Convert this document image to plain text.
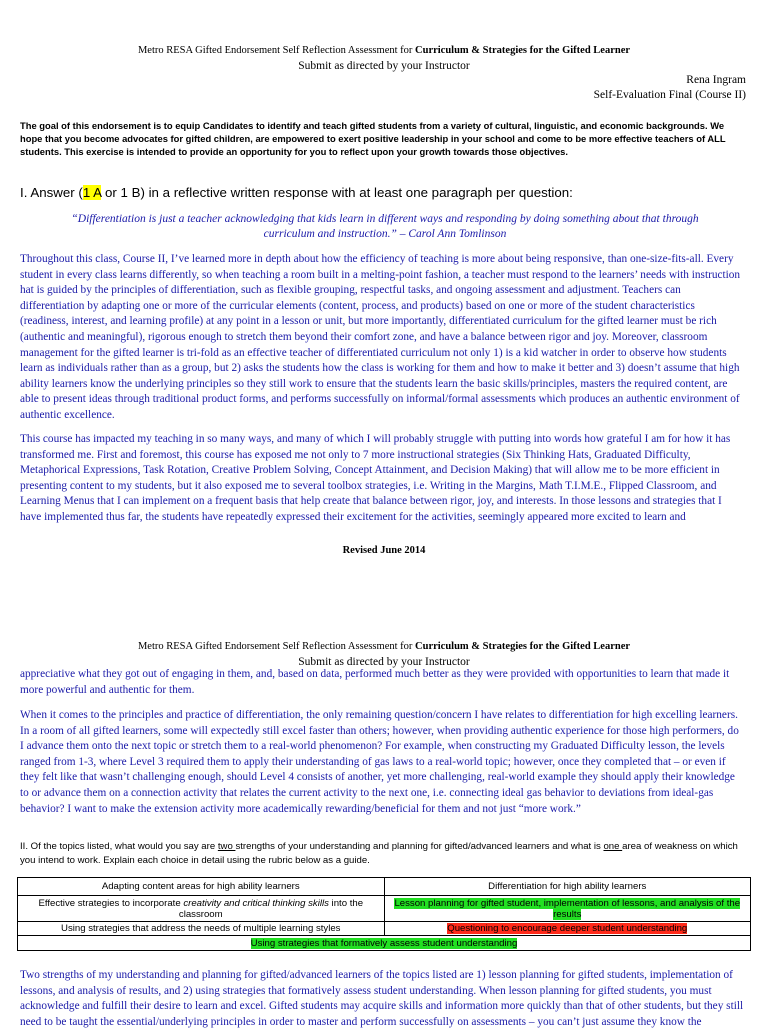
Metro RESA Gifted Endorsement Self Reflection Assessment for Curriculum & Strategies for the Gifted Learner
Submit as directed by your Instructor
Rena Ingram
Self-Evaluation Final (Course II)
The goal of this endorsement is to equip Candidates to identify and teach gifted students from a variety of cultural, linguistic, and economic backgrounds. We hope that you become advocates for gifted children, are empowered to exert positive leadership in your school and come to be more effective teachers of ALL students. This exercise is intended to provide an opportunity for you to reflect upon your growth towards those objectives.
I. Answer (1 A or 1 B) in a reflective written response with at least one paragraph per question:
“Differentiation is just a teacher acknowledging that kids learn in different ways and responding by doing something about that through curriculum and instruction.” – Carol Ann Tomlinson
Throughout this class, Course II, I’ve learned more in depth about how the efficiency of teaching is more about being responsive, than one-size-fits-all. Every student in every class learns differently, so when teaching a room built in a melting-point fashion, a teacher must respond to the learners’ needs with instruction hat is guided by the principles of differentiation, such as flexible grouping, respectful tasks, and ongoing assessment and adjustment. Teachers can differentiation by adapting one or more of the curricular elements (content, process, and products) based on one or more of the student characteristics (readiness, interest, and learning profile) at any point in a lesson or unit, but more importantly, differentiated curriculum for the gifted learner must be rich (authentic and meaningful), rigorous enough to stretch them beyond their comfort zone, and have a balance between rigor and joy. Moreover, classroom management for the gifted learner is tri-fold as an effective teacher of differentiated curriculum not only 1) is a kid watcher in order to observe how students learn as individuals rather than as a group, but 2) asks the students how the class is working for them and how to make it better and 3) doesn’t assume that high ability learners know the underlying principles so they still work to ensure that the students learn the basic skills/principles, masters the required content, are able to present ideas through traditional product forms, and performs successfully on informal/formal assessments which produces an authentic environment of authentic excellence.
This course has impacted my teaching in so many ways, and many of which I will probably struggle with putting into words how grateful I am for how it has transformed me. First and foremost, this course has exposed me not only to 7 more instructional strategies (Six Thinking Hats, Graduated Difficulty, Metaphorical Expressions, Task Rotation, Creative Problem Solving, Concept Attainment, and Decision Making) that will allow me to be more efficient in presenting content to my students, but it also exposed me to several toolbox strategies, i.e. Writing in the Margins, Math T.I.M.E., Flipped Classroom, and Learning Menus that I can implement on a frequent basis that help create that balance between rigor, joy, and interests. In those lessons and strategies that I have implemented thus far, the students have repeatedly expressed their excitement for the activities, seemingly appeared more excited to learn and
Revised June 2014
Metro RESA Gifted Endorsement Self Reflection Assessment for Curriculum & Strategies for the Gifted Learner
Submit as directed by your Instructor
appreciative what they got out of engaging in them, and, based on data, performed much better as they were provided with opportunities to learn that made it more powerful and authentic for them.
When it comes to the principles and practice of differentiation, the only remaining question/concern I have relates to differentiation for high excelling learners. In a room of all gifted learners, some will expectedly still excel faster than others; however, when providing authentic experience for those high performers, do I advance them onto the next topic or stretch them to a real-world phenomenon? For example, when constructing my Graduated Difficulty lesson, the levels ranged from 1-3, where Level 3 required them to apply their understanding of gas laws to a real-world topic; however, once they completed that – or even if they felt like that wasn’t challenging enough, should Level 4 consists of another, yet more challenging, real-world example they should apply their knowledge to or advance them on a connection activity that relates the current activity to the next one, i.e. connecting ideal gas behavior to deviations from ideal-gas behavior? I want to make the extension activity more academically rewarding/beneficial for them and not just “more work.”
II. Of the topics listed, what would you say are two strengths of your understanding and planning for gifted/advanced learners and what is one area of weakness on which you intend to work. Explain each choice in detail using the rubric below as a guide.
Adapting content areas for high ability learners	Differentiation for high ability learners
Effective strategies to incorporate creativity and critical thinking skills into the classroom	Lesson planning for gifted student, implementation of lessons, and analysis of the results
Using strategies that address the needs of multiple learning styles	Questioning to encourage deeper student understanding
Using strategies that formatively assess student understanding	
Two strengths of my understanding and planning for gifted/advanced learners of the topics listed are 1) lesson planning for gifted students, implementation of lessons, and analysis of results, and 2) using strategies that formatively assess student understanding. When lesson planning for gifted students, you must acknowledge and fulfill their desire to learn and excel. Gifted students may acquire skills and information more quickly than that of other students, but they still need to be taught the essential/underlying principles in order to master and perform successfully on assessments – you can’t just assume they know the
